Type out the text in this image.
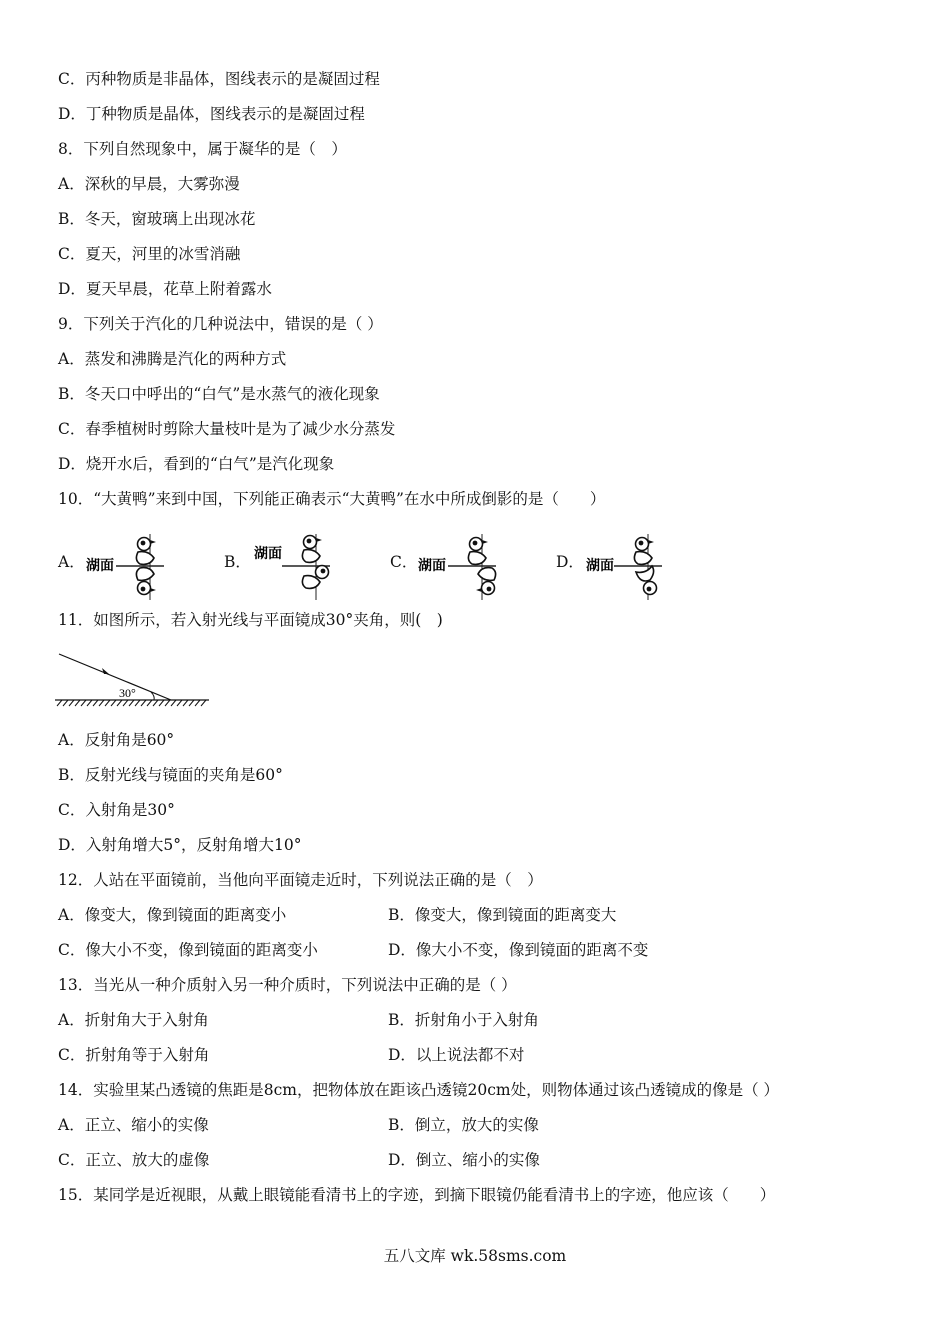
C．丙种物质是非晶体，图线表示的是凝固过程
D．丁种物质是晶体，图线表示的是凝固过程
8．下列自然现象中，属于凝华的是（　）
A．深秋的早晨，大雾弥漫
B．冬天，窗玻璃上出现冰花
C．夏天，河里的冰雪消融
D．夏天早晨，花草上附着露水
9．下列关于汽化的几种说法中，错误的是（ ）
A．蒸发和沸腾是汽化的两种方式
B．冬天口中呼出的“白气”是水蒸气的液化现象
C．春季植树时剪除大量枝叶是为了减少水分蒸发
D．烧开水后，看到的“白气”是汽化现象
10．“大黄鸭”来到中国，下列能正确表示“大黄鸭”在水中所成倒影的是（　　）
A． 湖面	B． 湖面	C． 湖面	D． 湖面
11．如图所示，若入射光线与平面镜成30°夹角，则(　)
30°
A．反射角是60°
B．反射光线与镜面的夹角是60°
C．入射角是30°
D．入射角增大5°，反射角增大10°
12．人站在平面镜前，当他向平面镜走近时，下列说法正确的是（　）
A．像变大，像到镜面的距离变小	B．像变大，像到镜面的距离变大
C．像大小不变，像到镜面的距离变小	D．像大小不变，像到镜面的距离不变
13．当光从一种介质射入另一种介质时，下列说法中正确的是（ ）
A．折射角大于入射角	B．折射角小于入射角
C．折射角等于入射角	D．以上说法都不对
14．实验里某凸透镜的焦距是8cm，把物体放在距该凸透镜20cm处，则物体通过该凸透镜成的像是（ ）
A．正立、缩小的实像	B．倒立，放大的实像
C．正立、放大的虚像	D．倒立、缩小的实像
15．某同学是近视眼，从戴上眼镜能看清书上的字迹，到摘下眼镜仍能看清书上的字迹，他应该（　　）
五八文库 wk.58sms.com
